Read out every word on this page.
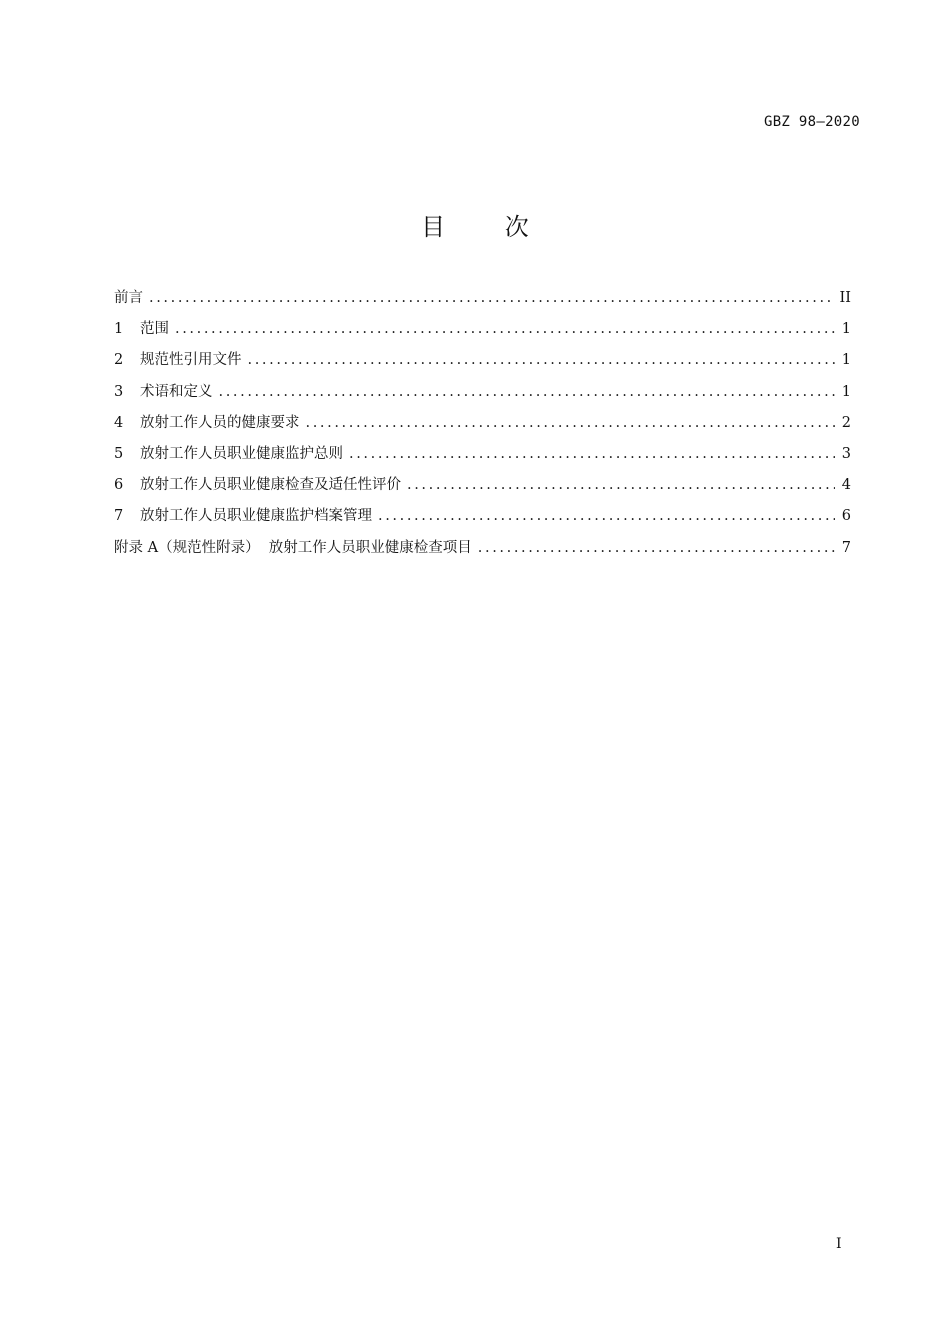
GBZ 98—2020
目 次
前言 .....	II
1	范围 .....	1
2	规范性引用文件 .....	1
3	术语和定义 .....	1
4	放射工作人员的健康要求 .....	2
5	放射工作人员职业健康监护总则 .....	3
6	放射工作人员职业健康检查及适任性评价 .....	4
7	放射工作人员职业健康监护档案管理 .....	6
附录 A（规范性附录）  放射工作人员职业健康检查项目 .....	7
I
